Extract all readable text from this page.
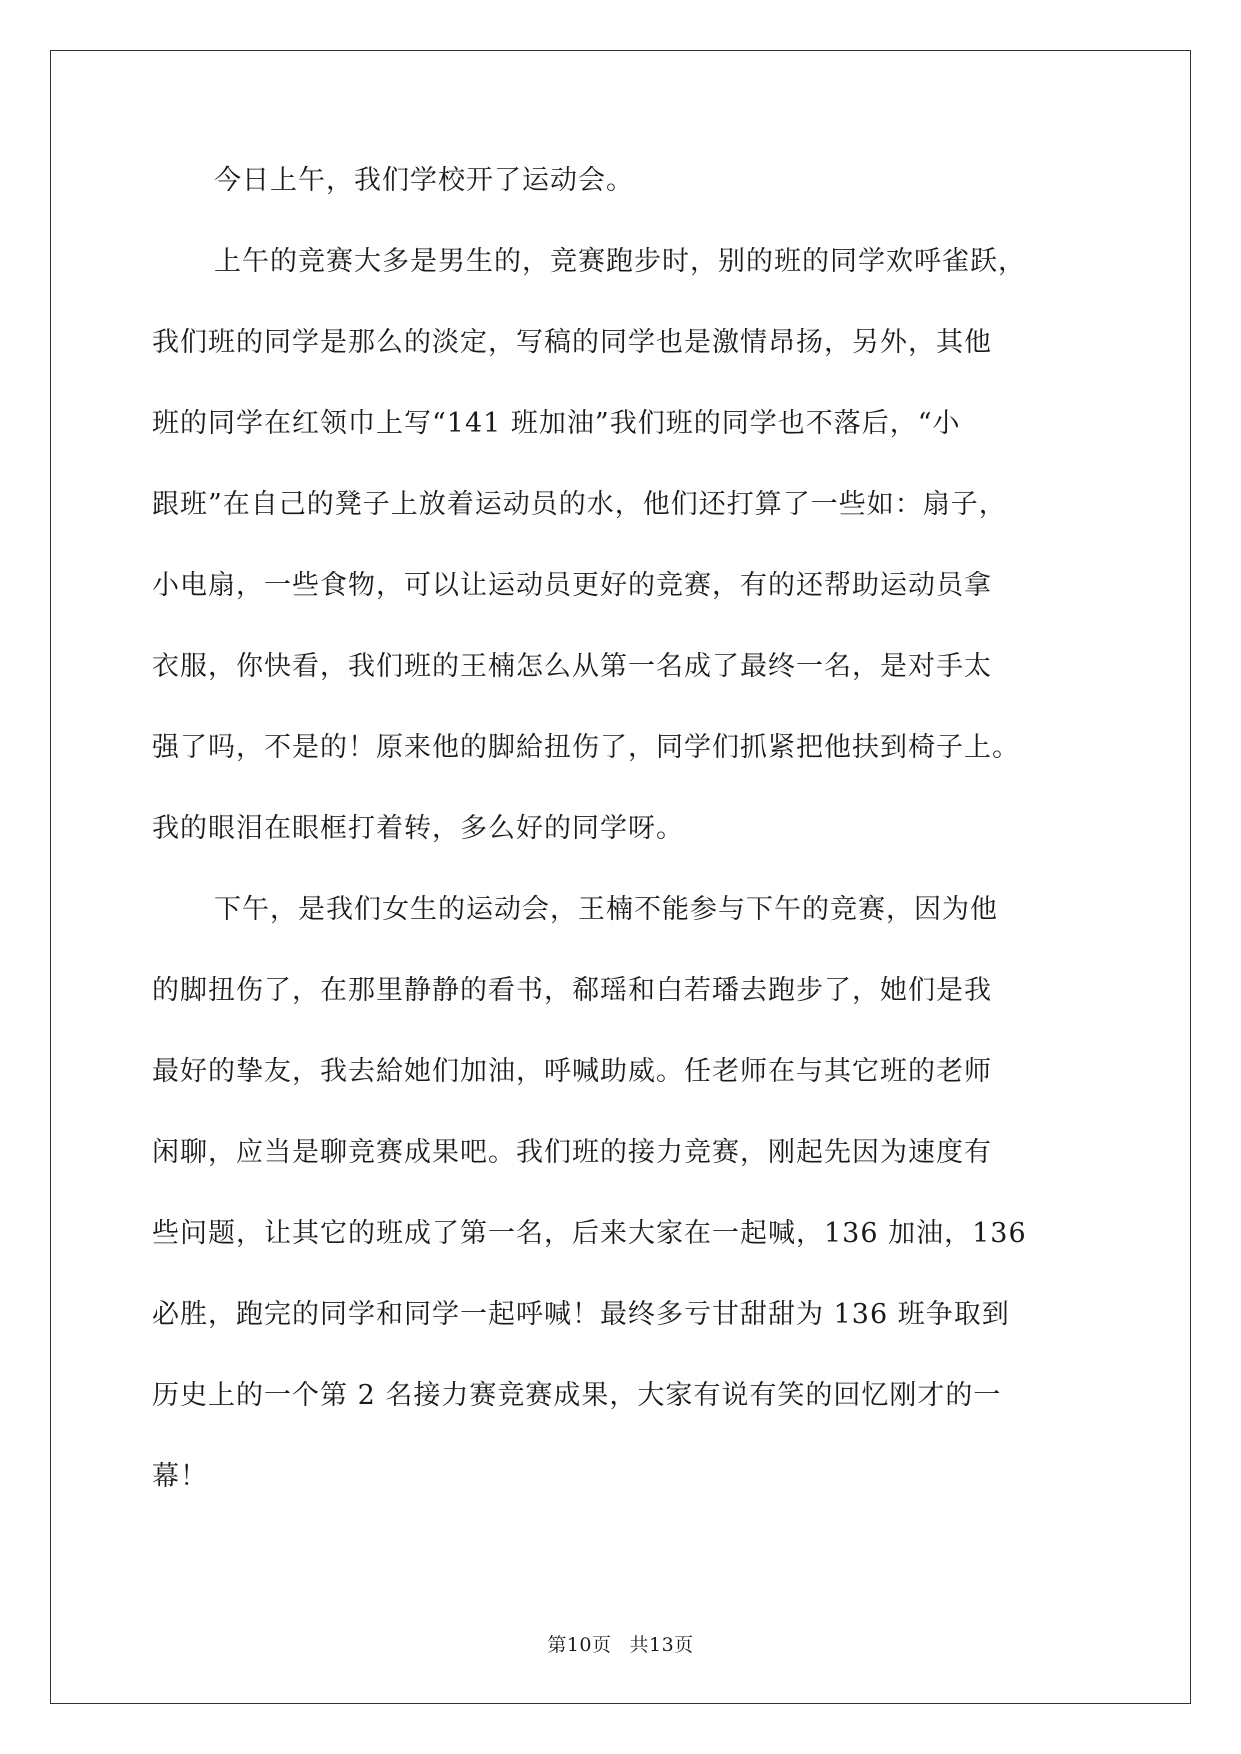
今日上午，我们学校开了运动会。
上午的竞赛大多是男生的，竞赛跑步时，别的班的同学欢呼雀跃，
我们班的同学是那么的淡定，写稿的同学也是激情昂扬，另外，其他
班的同学在红领巾上写“141 班加油”我们班的同学也不落后，“小
跟班”在自己的凳子上放着运动员的水，他们还打算了一些如：扇子，
小电扇，一些食物，可以让运动员更好的竞赛，有的还帮助运动员拿
衣服，你快看，我们班的王楠怎么从第一名成了最终一名，是对手太
强了吗，不是的！原来他的脚給扭伤了，同学们抓紧把他扶到椅子上。
我的眼泪在眼框打着转，多么好的同学呀。
下午，是我们女生的运动会，王楠不能参与下午的竞赛，因为他
的脚扭伤了，在那里静静的看书，郗瑶和白若璠去跑步了，她们是我
最好的挚友，我去給她们加油，呼喊助威。任老师在与其它班的老师
闲聊，应当是聊竞赛成果吧。我们班的接力竞赛，刚起先因为速度有
些问题，让其它的班成了第一名，后来大家在一起喊，136 加油，136
必胜，跑完的同学和同学一起呼喊！最终多亏甘甜甜为 136 班争取到
历史上的一个第 2 名接力赛竞赛成果，大家有说有笑的回忆刚才的一
幕！
第10页 共13页
